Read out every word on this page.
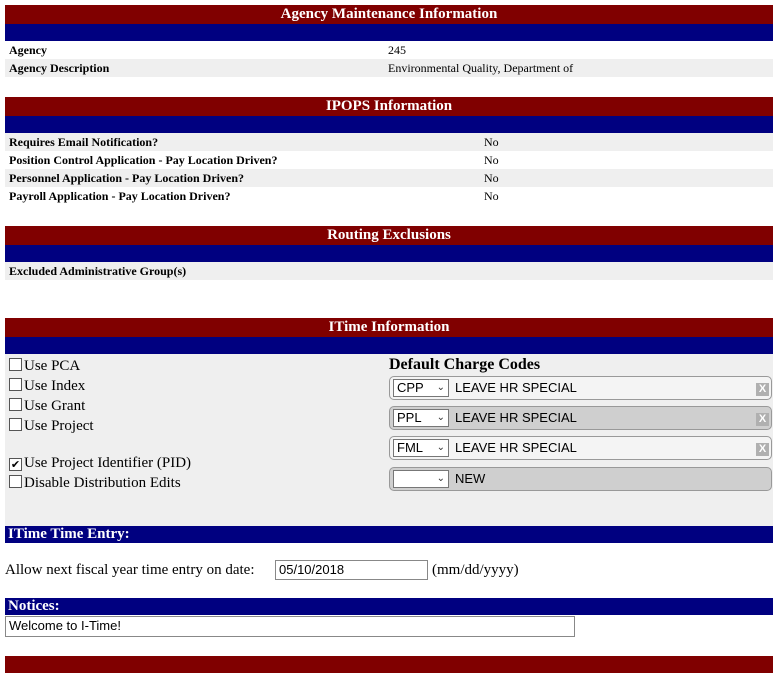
Agency Maintenance Information
Agency	245
Agency Description	Environmental Quality, Department of
IPOPS Information
Requires Email Notification?	No
Position Control Application - Pay Location Driven?	No
Personnel Application - Pay Location Driven?	No
Payroll Application - Pay Location Driven?	No
Routing Exclusions
Excluded Administrative Group(s)
ITime Information
Use PCA
Use Index
Use Grant
Use Project
✔ Use Project Identifier (PID)
Disable Distribution Edits
Default Charge Codes
CPP ⌄ LEAVE HR SPECIAL	X
PPL ⌄ LEAVE HR SPECIAL	X
FML ⌄ LEAVE HR SPECIAL	X
⌄ NEW
ITime Time Entry:
Allow next fiscal year time entry on date:	05/10/2018	(mm/dd/yyyy)
Notices:
Welcome to I-Time!
